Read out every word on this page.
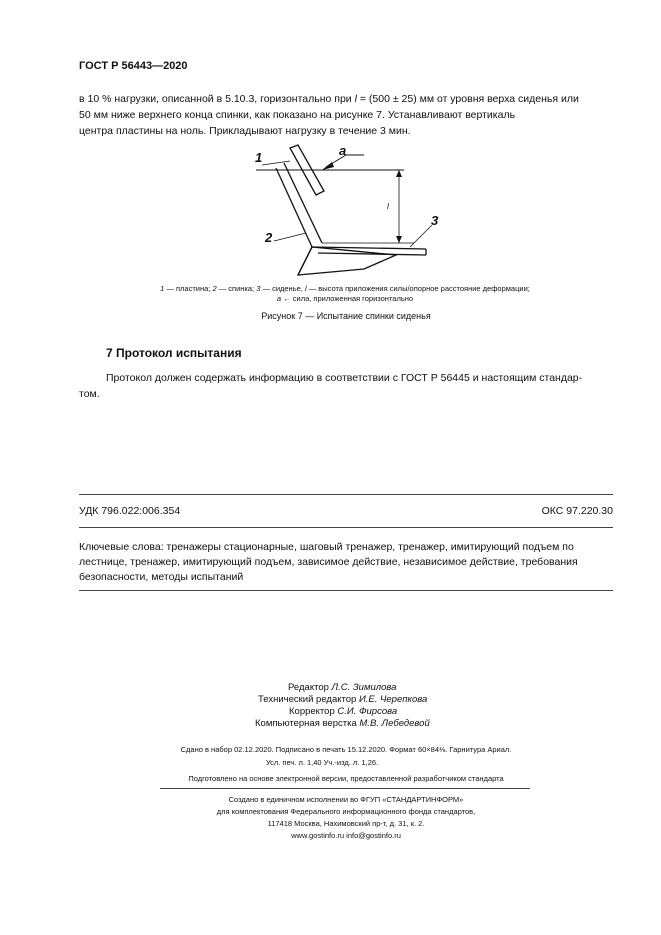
ГОСТ Р 56443—2020
в 10 % нагрузки, описанной в 5.10.3, горизонтально при l = (500 ± 25) мм от уровня верха сиденья или
50 мм ниже верхнего конца спинки, как показано на рисунке 7. Устанавливают вертикаль
центра пластины на ноль. Прикладывают нагрузку в течение 3 мин.
1
2
3
a
l
1 — пластина; 2 — спинка; 3 — сиденье, l — высота приложения силы/опорное расстояние деформации;
a ← сила, приложенная горизонтально
Рисунок 7 — Испытание спинки сиденья
7 Протокол испытания
Протокол должен содержать информацию в соответствии с ГОСТ Р 56445 и настоящим стандар-
том.
УДК 796.022:006.354	ОКС 97.220.30
Ключевые слова: тренажеры стационарные, шаговый тренажер, тренажер, имитирующий подъем по
лестнице, тренажер, имитирующий подъем, зависимое действие, независимое действие, требования
безопасности, методы испытаний
Редактор Л.С. Зимилова
Технический редактор И.Е. Черепкова
Корректор С.И. Фирсова
Компьютерная верстка М.В. Лебедевой
Сдано в набор 02.12.2020. Подписано в печать 15.12.2020. Формат 60×84⅛. Гарнитура Ариал.
Усл. печ. л. 1,40 Уч.-изд. л. 1,26.
Подготовлено на основе электронной версии, предоставленной разработчиком стандарта
Создано в единичном исполнении во ФГУП «СТАНДАРТИНФОРМ»
для комплектования Федерального информационного фонда стандартов,
117418 Москва, Нахимовский пр-т, д. 31, к. 2.
www.gostinfo.ru info@gostinfo.ru
